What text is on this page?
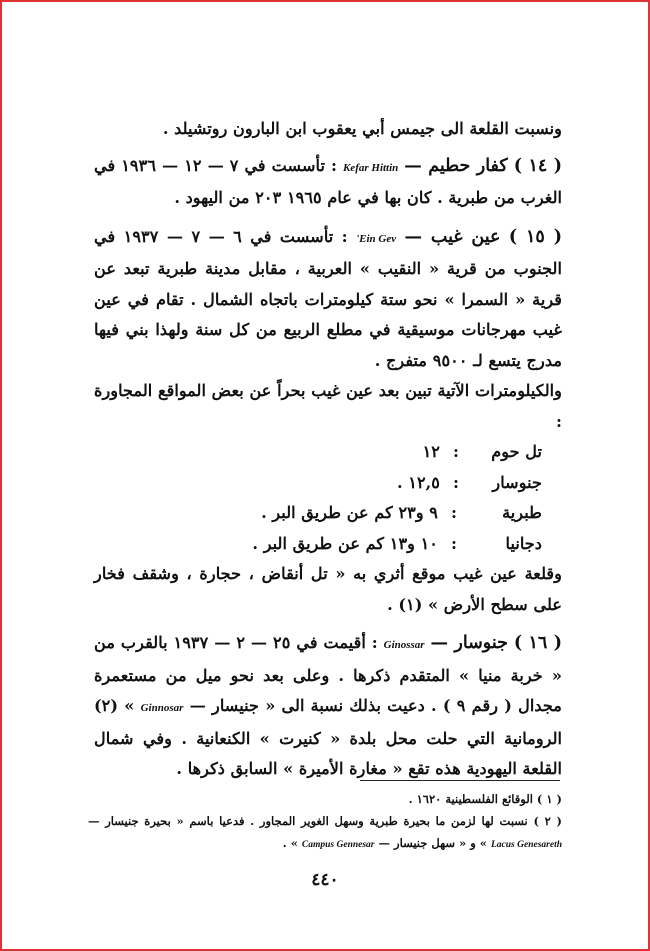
ونسبت القلعة الى جيمس أبي يعقوب ابن البارون روتشيلد .

( ١٤ ) كفار حطيم — Kefar Hittin : تأسست في ٧ — ١٢ — ١٩٣٦ في الغرب من طبرية . كان بها في عام ١٩٦٥ ٢٠٣ من اليهود .

( ١٥ ) عين غيب — 'Ein Gev : تأسست في ٦ — ٧ — ١٩٣٧ في الجنوب من قرية « النقيب » العربية ، مقابل مدينة طبرية تبعد عن قرية « السمرا » نحو ستة كيلومترات باتجاه الشمال . تقام في عين غيب مهرجانات موسيقية في مطلع الربيع من كل سنة ولهذا بني فيها مدرج يتسع لـ ٩٥٠٠ متفرج .

والكيلومترات الآتية تبين بعد عين غيب بحراً عن بعض المواقع المجاورة :

تل حوم
:
١٢
جنوسار
:
١٢,٥ .
طبرية
:
٩ و٢٣ كم عن طريق البر .
دجانيا
:
١٠ و١٣ كم عن طريق البر .

وقلعة عين غيب موقع أثري به « تل أنقاض ، حجارة ، وشقف فخار على سطح الأرض » (١) .

( ١٦ ) جنوسار — Ginossar : أقيمت في ٢٥ — ٢ — ١٩٣٧ بالقرب من « خربة منيا » المتقدم ذكرها . وعلى بعد نحو ميل من مستعمرة مجدال ( رقم ٩ ) . دعيت بذلك نسبة الى « جنيسار — Ginnosar » (٢) الرومانية التي حلت محل بلدة « كنيرت » الكنعانية . وفي شمال القلعة اليهودية هذه تقع « مغارة الأميرة » السابق ذكرها .

( ١ ) الوقائع الفلسطينية ١٦٢٠ .

( ٢ ) نسبت لها لزمن ما بحيرة طبرية وسهل الغوير المجاور . فدعيا باسم « بحيرة جنيسار — Lacus Genesareth » و « سهل جنيسار — Campus Gennesar » .

٤٤٠
